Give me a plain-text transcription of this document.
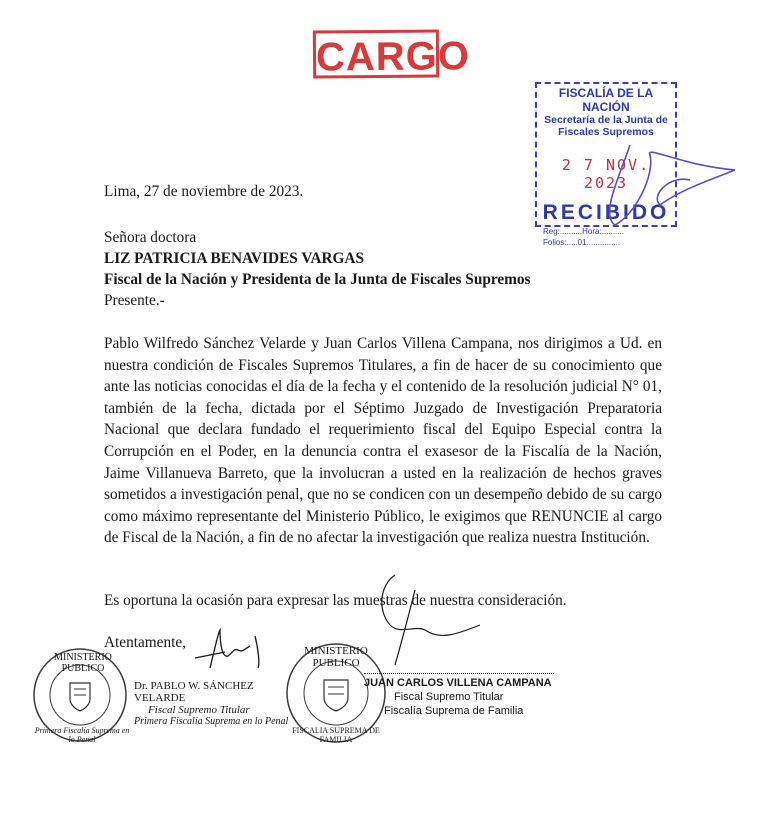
CARGO
FISCALÍA DE LA NACIÓN
Secretaría de la Junta de
Fiscales Supremos
2 7 NOV. 2023
RECIBIDO
Reg:..........Hora:..........
Folios:.....01...............
Lima, 27 de noviembre de 2023.
Señora doctora
LIZ PATRICIA BENAVIDES VARGAS
Fiscal de la Nación y Presidenta de la Junta de Fiscales Supremos
Presente.-
Pablo Wilfredo Sánchez Velarde y Juan Carlos Villena Campana, nos dirigimos a Ud. en nuestra condición de Fiscales Supremos Titulares, a fin de hacer de su conocimiento que ante las noticias conocidas el día de la fecha y el contenido de la resolución judicial N° 01, también de la fecha, dictada por el Séptimo Juzgado de Investigación Preparatoria Nacional que declara fundado el requerimiento fiscal del Equipo Especial contra la Corrupción en el Poder, en la denuncia contra el exasesor de la Fiscalía de la Nación, Jaime Villanueva Barreto, que la involucran a usted en la realización de hechos graves sometidos a investigación penal, que no se condicen con un desempeño debido de su cargo como máximo representante del Ministerio Público, le exigimos que RENUNCIE al cargo de Fiscal de la Nación, a fin de no afectar la investigación que realiza nuestra Institución.
Es oportuna la ocasión para expresar las muestras de nuestra consideración.
Atentamente,
MINISTERIO PUBLICO
Primera Fiscalía Suprema en lo Penal
Dr. PABLO W. SÁNCHEZ VELARDE
Fiscal Supremo Titular
Primera Fiscalía Suprema en lo Penal
MINISTERIO PUBLICO
FISCALIA SUPREMA DE FAMILIA
JUAN CARLOS VILLENA CAMPANA
Fiscal Supremo Titular
Fiscalía Suprema de Familia
